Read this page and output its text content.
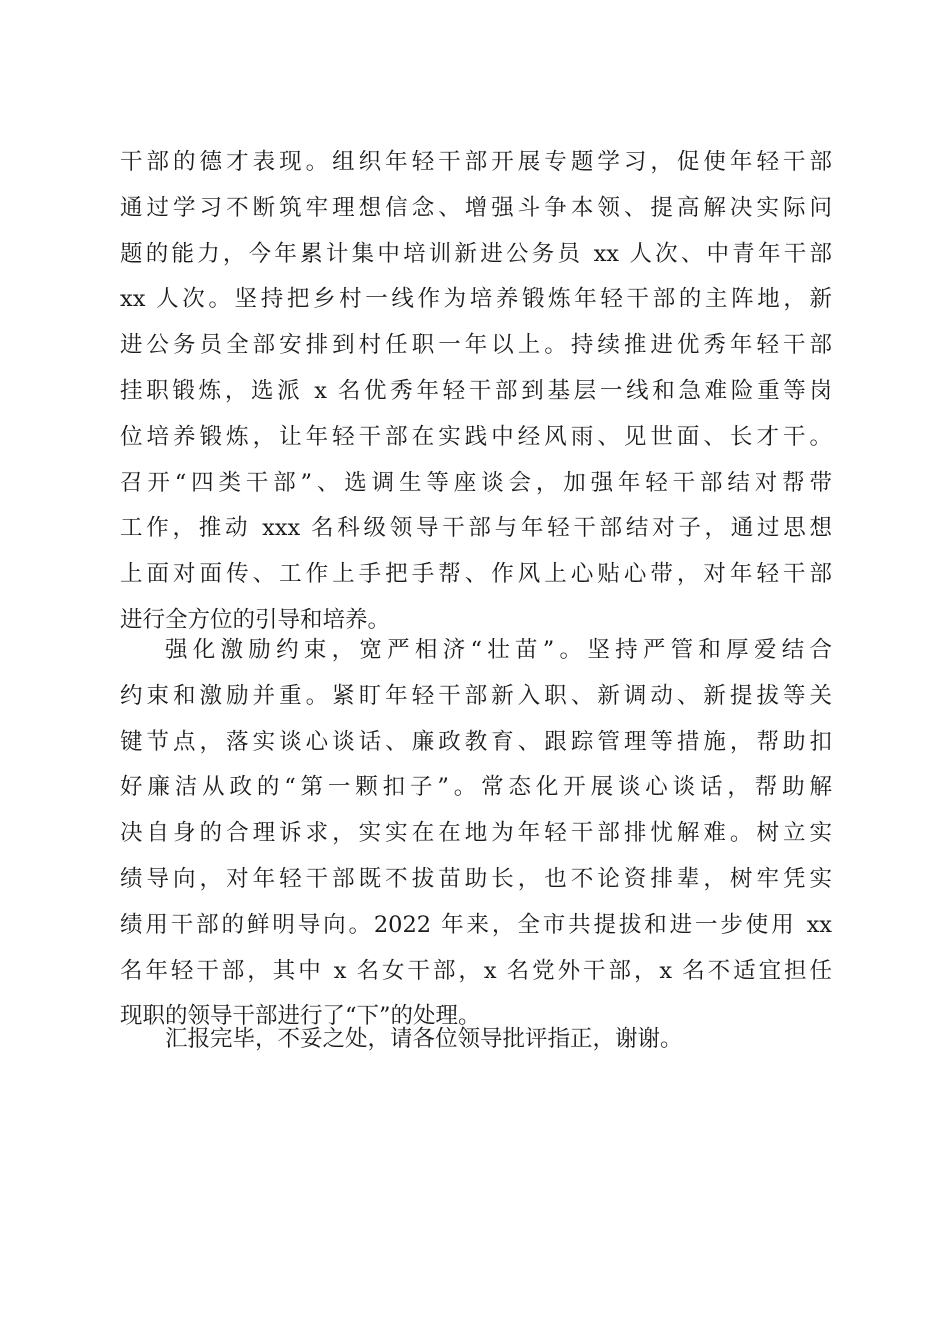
干部的德才表现。组织年轻干部开展专题学习，促使年轻干部
通过学习不断筑牢理想信念、增强斗争本领、提高解决实际问
题的能力，今年累计集中培训新进公务员 xx 人次、中青年干部
xx 人次。坚持把乡村一线作为培养锻炼年轻干部的主阵地，新
进公务员全部安排到村任职一年以上。持续推进优秀年轻干部
挂职锻炼，选派 x 名优秀年轻干部到基层一线和急难险重等岗
位培养锻炼，让年轻干部在实践中经风雨、见世面、长才干。
召开“四类干部”、选调生等座谈会，加强年轻干部结对帮带
工作，推动 xxx 名科级领导干部与年轻干部结对子，通过思想
上面对面传、工作上手把手帮、作风上心贴心带，对年轻干部
进行全方位的引导和培养。
强化激励约束，宽严相济“壮苗”。坚持严管和厚爱结合
约束和激励并重。紧盯年轻干部新入职、新调动、新提拔等关
键节点，落实谈心谈话、廉政教育、跟踪管理等措施，帮助扣
好廉洁从政的“第一颗扣子”。常态化开展谈心谈话，帮助解
决自身的合理诉求，实实在在地为年轻干部排忧解难。树立实
绩导向，对年轻干部既不拔苗助长，也不论资排辈，树牢凭实
绩用干部的鲜明导向。2022 年来，全市共提拔和进一步使用 xx
名年轻干部，其中 x 名女干部，x 名党外干部，x 名不适宜担任
现职的领导干部进行了“下”的处理。
汇报完毕，不妥之处，请各位领导批评指正，谢谢。
